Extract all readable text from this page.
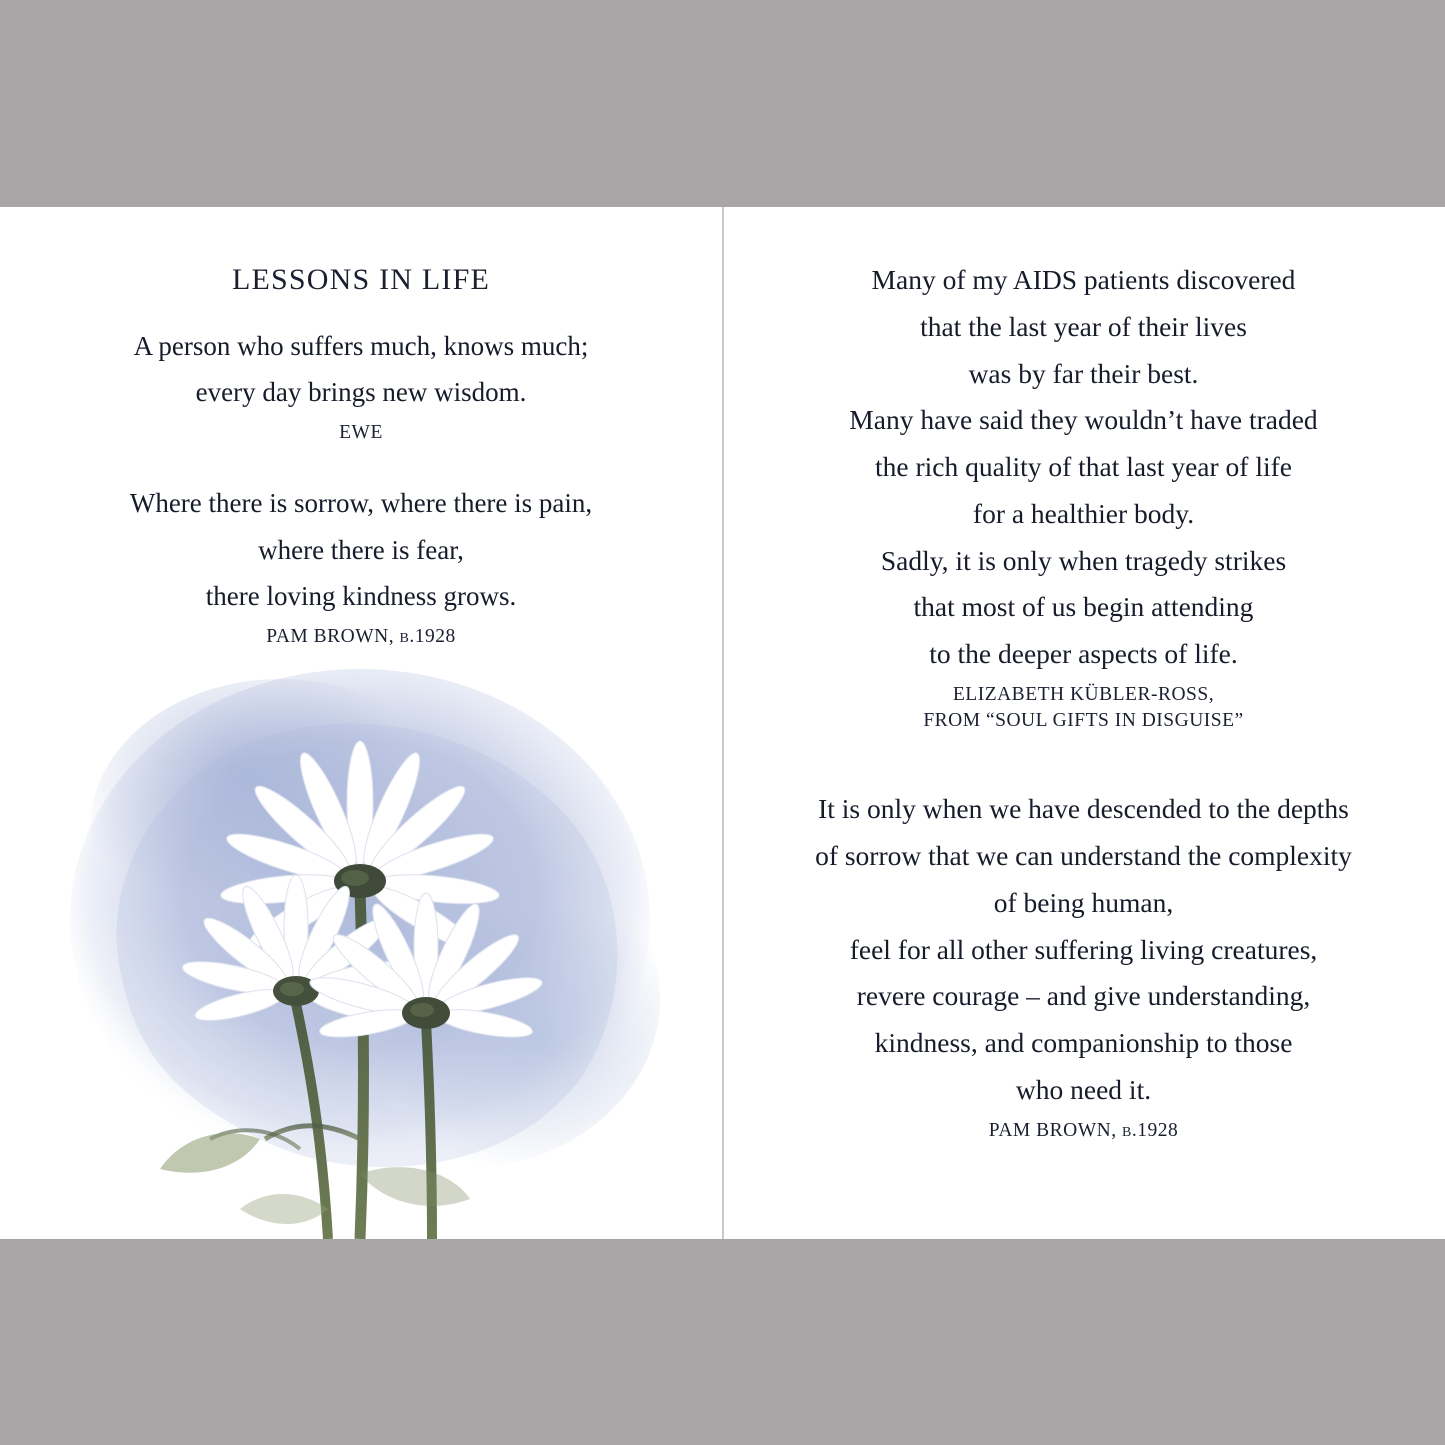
LESSONS IN LIFE
A person who suffers much, knows much;
every day brings new wisdom.
EWE
Where there is sorrow, where there is pain,
where there is fear,
there loving kindness grows.
PAM BROWN, b.1928
Many of my AIDS patients discovered
that the last year of their lives
was by far their best.
Many have said they wouldn’t have traded
the rich quality of that last year of life
for a healthier body.
Sadly, it is only when tragedy strikes
that most of us begin attending
to the deeper aspects of life.
ELIZABETH KÜBLER-ROSS,
FROM “SOUL GIFTS IN DISGUISE”
It is only when we have descended to the depths
of sorrow that we can understand the complexity
of being human,
feel for all other suffering living creatures,
revere courage – and give understanding,
kindness, and companionship to those
who need it.
PAM BROWN, b.1928
